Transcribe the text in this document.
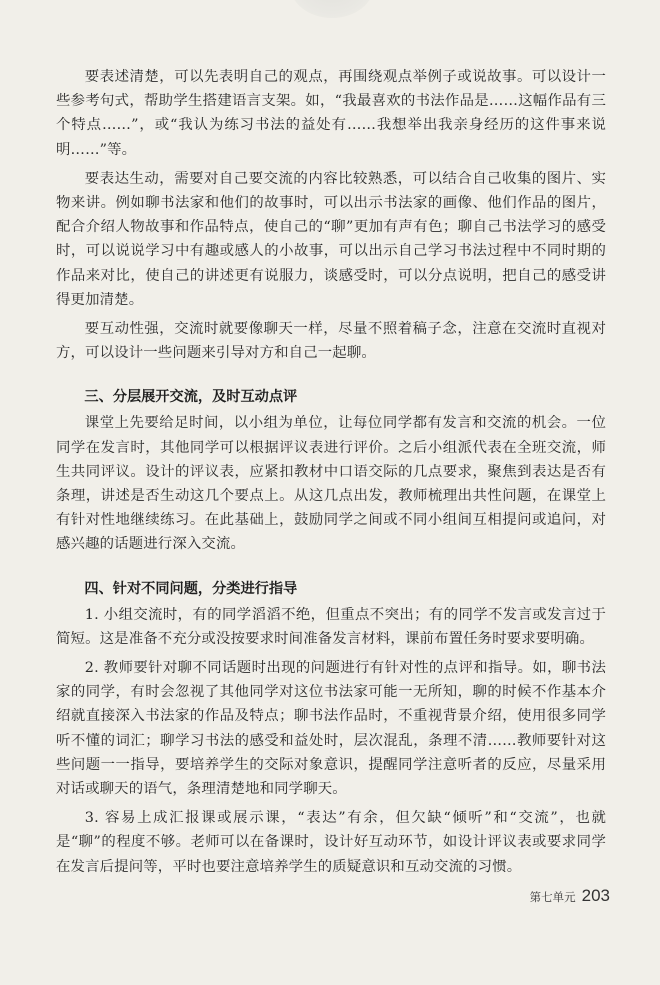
要表述清楚，可以先表明自己的观点，再围绕观点举例子或说故事。可以设计一些参考句式，帮助学生搭建语言支架。如，“我最喜欢的书法作品是……这幅作品有三个特点……”，或“我认为练习书法的益处有……我想举出我亲身经历的这件事来说明……”等。

要表达生动，需要对自己要交流的内容比较熟悉，可以结合自己收集的图片、实物来讲。例如聊书法家和他们的故事时，可以出示书法家的画像、他们作品的图片，配合介绍人物故事和作品特点，使自己的“聊”更加有声有色；聊自己书法学习的感受时，可以说说学习中有趣或感人的小故事，可以出示自己学习书法过程中不同时期的作品来对比，使自己的讲述更有说服力，谈感受时，可以分点说明，把自己的感受讲得更加清楚。

要互动性强，交流时就要像聊天一样，尽量不照着稿子念，注意在交流时直视对方，可以设计一些问题来引导对方和自己一起聊。

三、分层展开交流，及时互动点评

课堂上先要给足时间，以小组为单位，让每位同学都有发言和交流的机会。一位同学在发言时，其他同学可以根据评议表进行评价。之后小组派代表在全班交流，师生共同评议。设计的评议表，应紧扣教材中口语交际的几点要求，聚焦到表达是否有条理，讲述是否生动这几个要点上。从这几点出发，教师梳理出共性问题，在课堂上有针对性地继续练习。在此基础上，鼓励同学之间或不同小组间互相提问或追问，对感兴趣的话题进行深入交流。

四、针对不同问题，分类进行指导

1. 小组交流时，有的同学滔滔不绝，但重点不突出；有的同学不发言或发言过于简短。这是准备不充分或没按要求时间准备发言材料，课前布置任务时要求要明确。

2. 教师要针对聊不同话题时出现的问题进行有针对性的点评和指导。如，聊书法家的同学，有时会忽视了其他同学对这位书法家可能一无所知，聊的时候不作基本介绍就直接深入书法家的作品及特点；聊书法作品时，不重视背景介绍，使用很多同学听不懂的词汇；聊学习书法的感受和益处时，层次混乱，条理不清……教师要针对这些问题一一指导，要培养学生的交际对象意识，提醒同学注意听者的反应，尽量采用对话或聊天的语气，条理清楚地和同学聊天。

3. 容易上成汇报课或展示课，“表达”有余，但欠缺“倾听”和“交流”，也就是“聊”的程度不够。老师可以在备课时，设计好互动环节，如设计评议表或要求同学在发言后提问等，平时也要注意培养学生的质疑意识和互动交流的习惯。

第七单元 203
